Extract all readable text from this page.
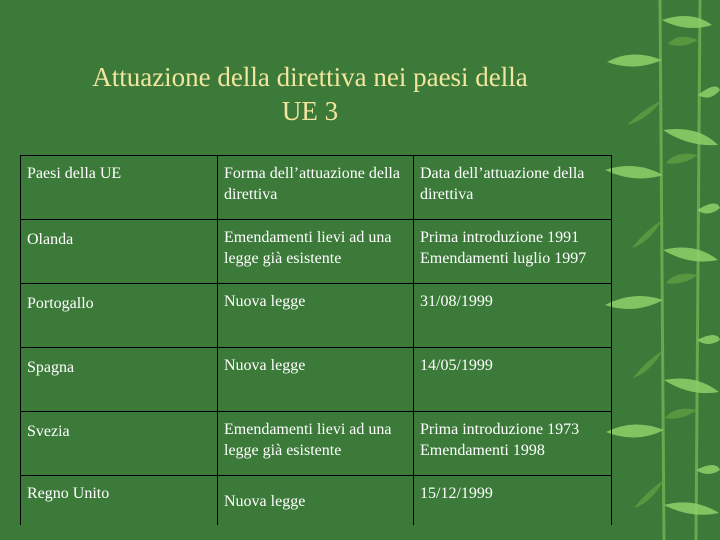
Attuazione della direttiva nei paesi della
UE 3
Paesi della UE	Forma dell’attuazione della direttiva	Data dell’attuazione della direttiva
Olanda	Emendamenti lievi ad una legge già esistente	Prima introduzione 1991 Emendamenti luglio 1997
Portogallo	Nuova legge	31/08/1999
Spagna	Nuova legge	14/05/1999
Svezia	Emendamenti lievi ad una legge già esistente	Prima introduzione 1973 Emendamenti 1998
Regno Unito	Nuova legge	15/12/1999
